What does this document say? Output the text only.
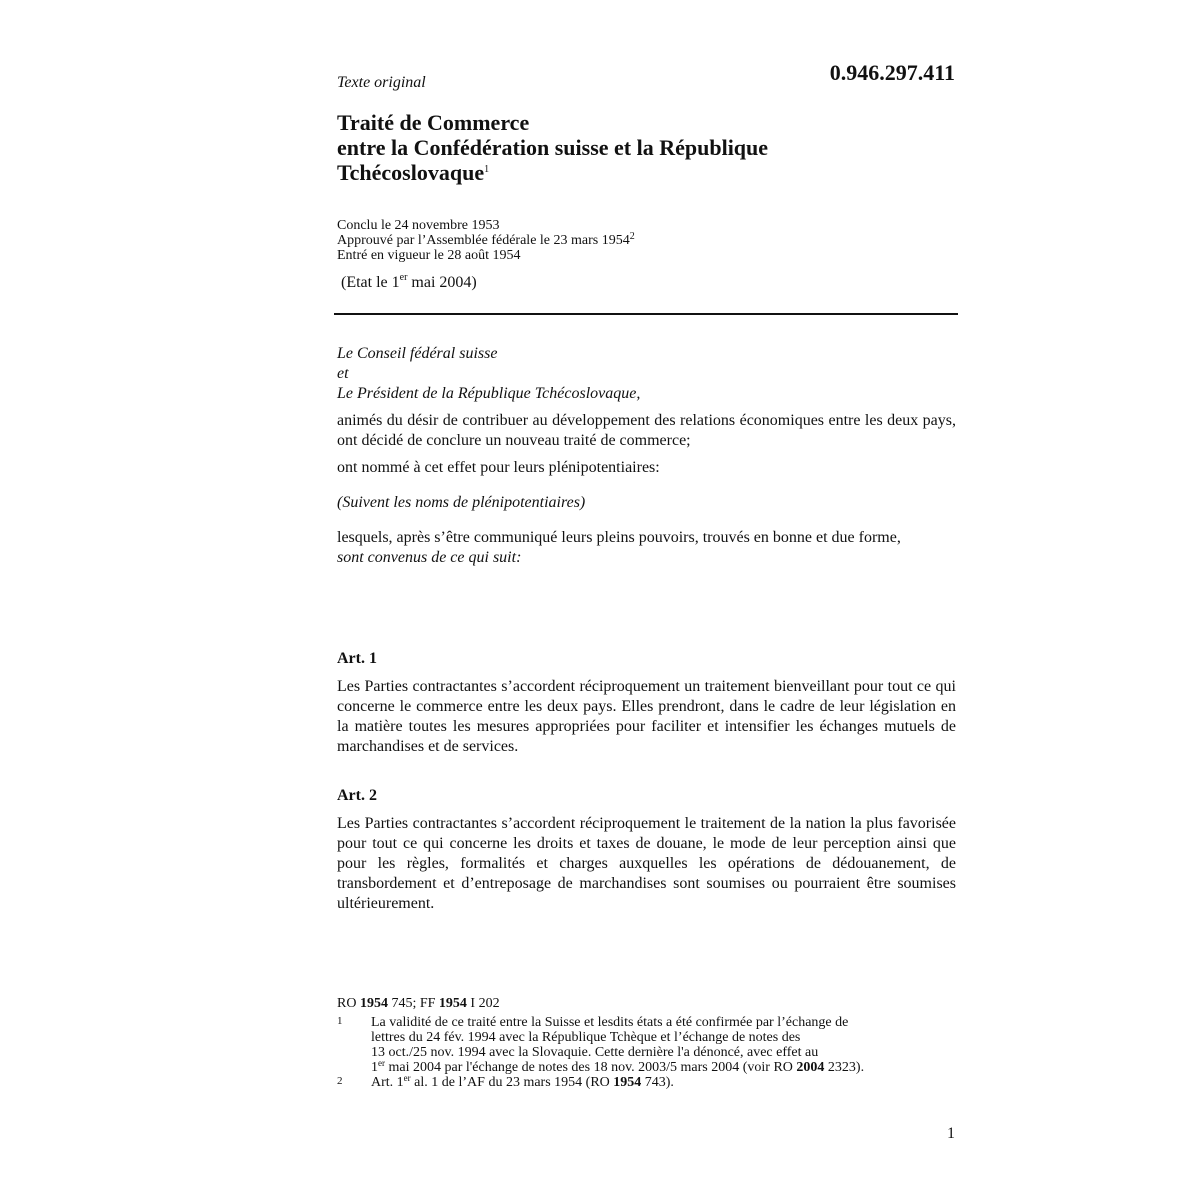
Texte original	0.946.297.411
Traité de Commerce
entre la Confédération suisse et la République
Tchécoslovaque$^1$
Conclu le 24 novembre 1953
Approuvé par l’Assemblée fédérale le 23 mars 1954$^2$
Entré en vigueur le 28 août 1954
(Etat le 1er mai 2004)

Le Conseil fédéral suisse

et

Le Président de la République Tchécoslovaque,

animés du désir de contribuer au développement des relations économiques entre les deux pays, ont décidé de conclure un nouveau traité de commerce;

ont nommé à cet effet pour leurs plénipotentiaires:

(Suivent les noms de plénipotentiaires)

lesquels, après s’être communiqué leurs pleins pouvoirs, trouvés en bonne et due forme,

sont convenus de ce qui suit:

Art. 1

Les Parties contractantes s’accordent réciproquement un traitement bienveillant pour tout ce qui concerne le commerce entre les deux pays. Elles prendront, dans le cadre de leur législation en la matière toutes les mesures appropriées pour faciliter et intensifier les échanges mutuels de marchandises et de services.

Art. 2

Les Parties contractantes s’accordent réciproquement le traitement de la nation la plus favorisée pour tout ce qui concerne les droits et taxes de douane, le mode de leur perception ainsi que pour les règles, formalités et charges auxquelles les opérations de dédouanement, de transbordement et d’entreposage de marchandises sont soumises ou pourraient être soumises ultérieurement.

RO 1954 745; FF 1954 I 202
1	La validité de ce traité entre la Suisse et lesdits états a été confirmée par l’échange de
lettres du 24 fév. 1994 avec la République Tchèque et l’échange de notes des
13 oct./25 nov. 1994 avec la Slovaquie. Cette dernière l'a dénoncé, avec effet au
1er mai 2004 par l'échange de notes des 18 nov. 2003/5 mars 2004 (voir RO 2004 2323).
2	Art. 1er al. 1 de l’AF du 23 mars 1954 (RO 1954 743).
1
